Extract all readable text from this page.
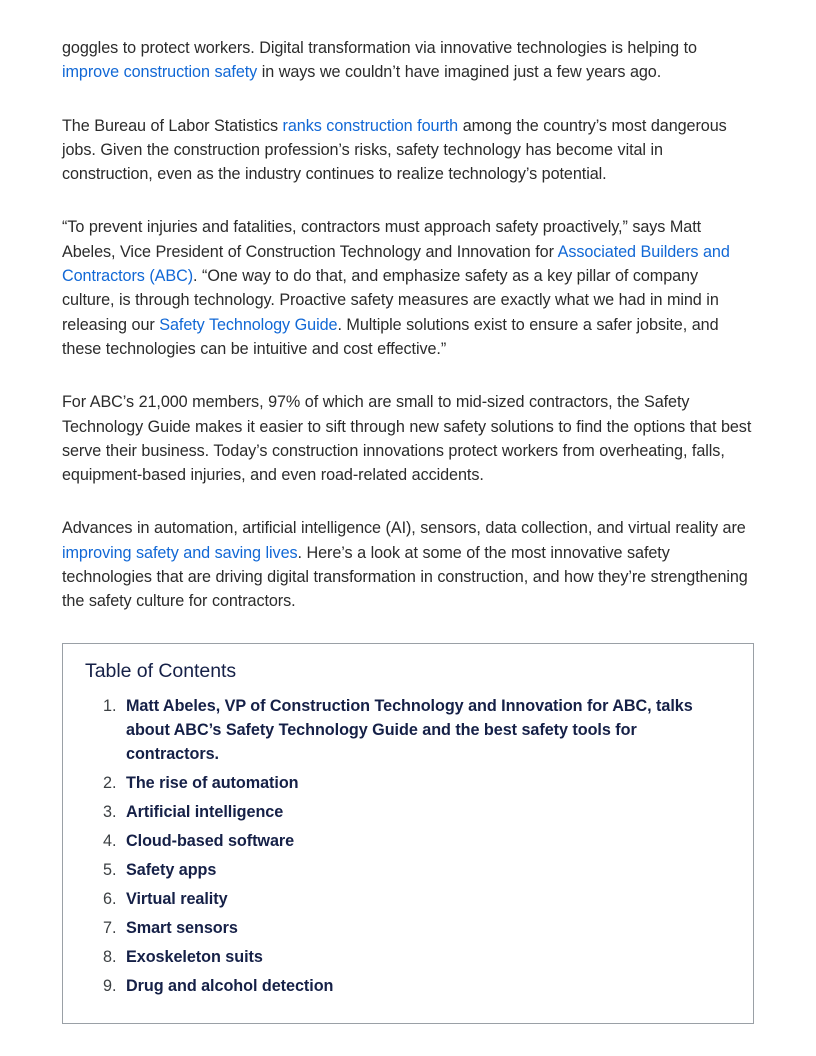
goggles to protect workers. Digital transformation via innovative technologies is helping to improve construction safety in ways we couldn’t have imagined just a few years ago.

The Bureau of Labor Statistics ranks construction fourth among the country’s most dangerous jobs. Given the construction profession’s risks, safety technology has become vital in construction, even as the industry continues to realize technology’s potential.

“To prevent injuries and fatalities, contractors must approach safety proactively,” says Matt Abeles, Vice President of Construction Technology and Innovation for Associated Builders and Contractors (ABC). “One way to do that, and emphasize safety as a key pillar of company culture, is through technology. Proactive safety measures are exactly what we had in mind in releasing our Safety Technology Guide. Multiple solutions exist to ensure a safer jobsite, and these technologies can be intuitive and cost effective.”

For ABC’s 21,000 members, 97% of which are small to mid-sized contractors, the Safety Technology Guide makes it easier to sift through new safety solutions to find the options that best serve their business. Today’s construction innovations protect workers from overheating, falls, equipment-based injuries, and even road-related accidents.

Advances in automation, artificial intelligence (AI), sensors, data collection, and virtual reality are improving safety and saving lives. Here’s a look at some of the most innovative safety technologies that are driving digital transformation in construction, and how they’re strengthening the safety culture for contractors.

Table of Contents
1. Matt Abeles, VP of Construction Technology and Innovation for ABC, talks about ABC’s Safety Technology Guide and the best safety tools for contractors.
2. The rise of automation
3. Artificial intelligence
4. Cloud-based software
5. Safety apps
6. Virtual reality
7. Smart sensors
8. Exoskeleton suits
9. Drug and alcohol detection
